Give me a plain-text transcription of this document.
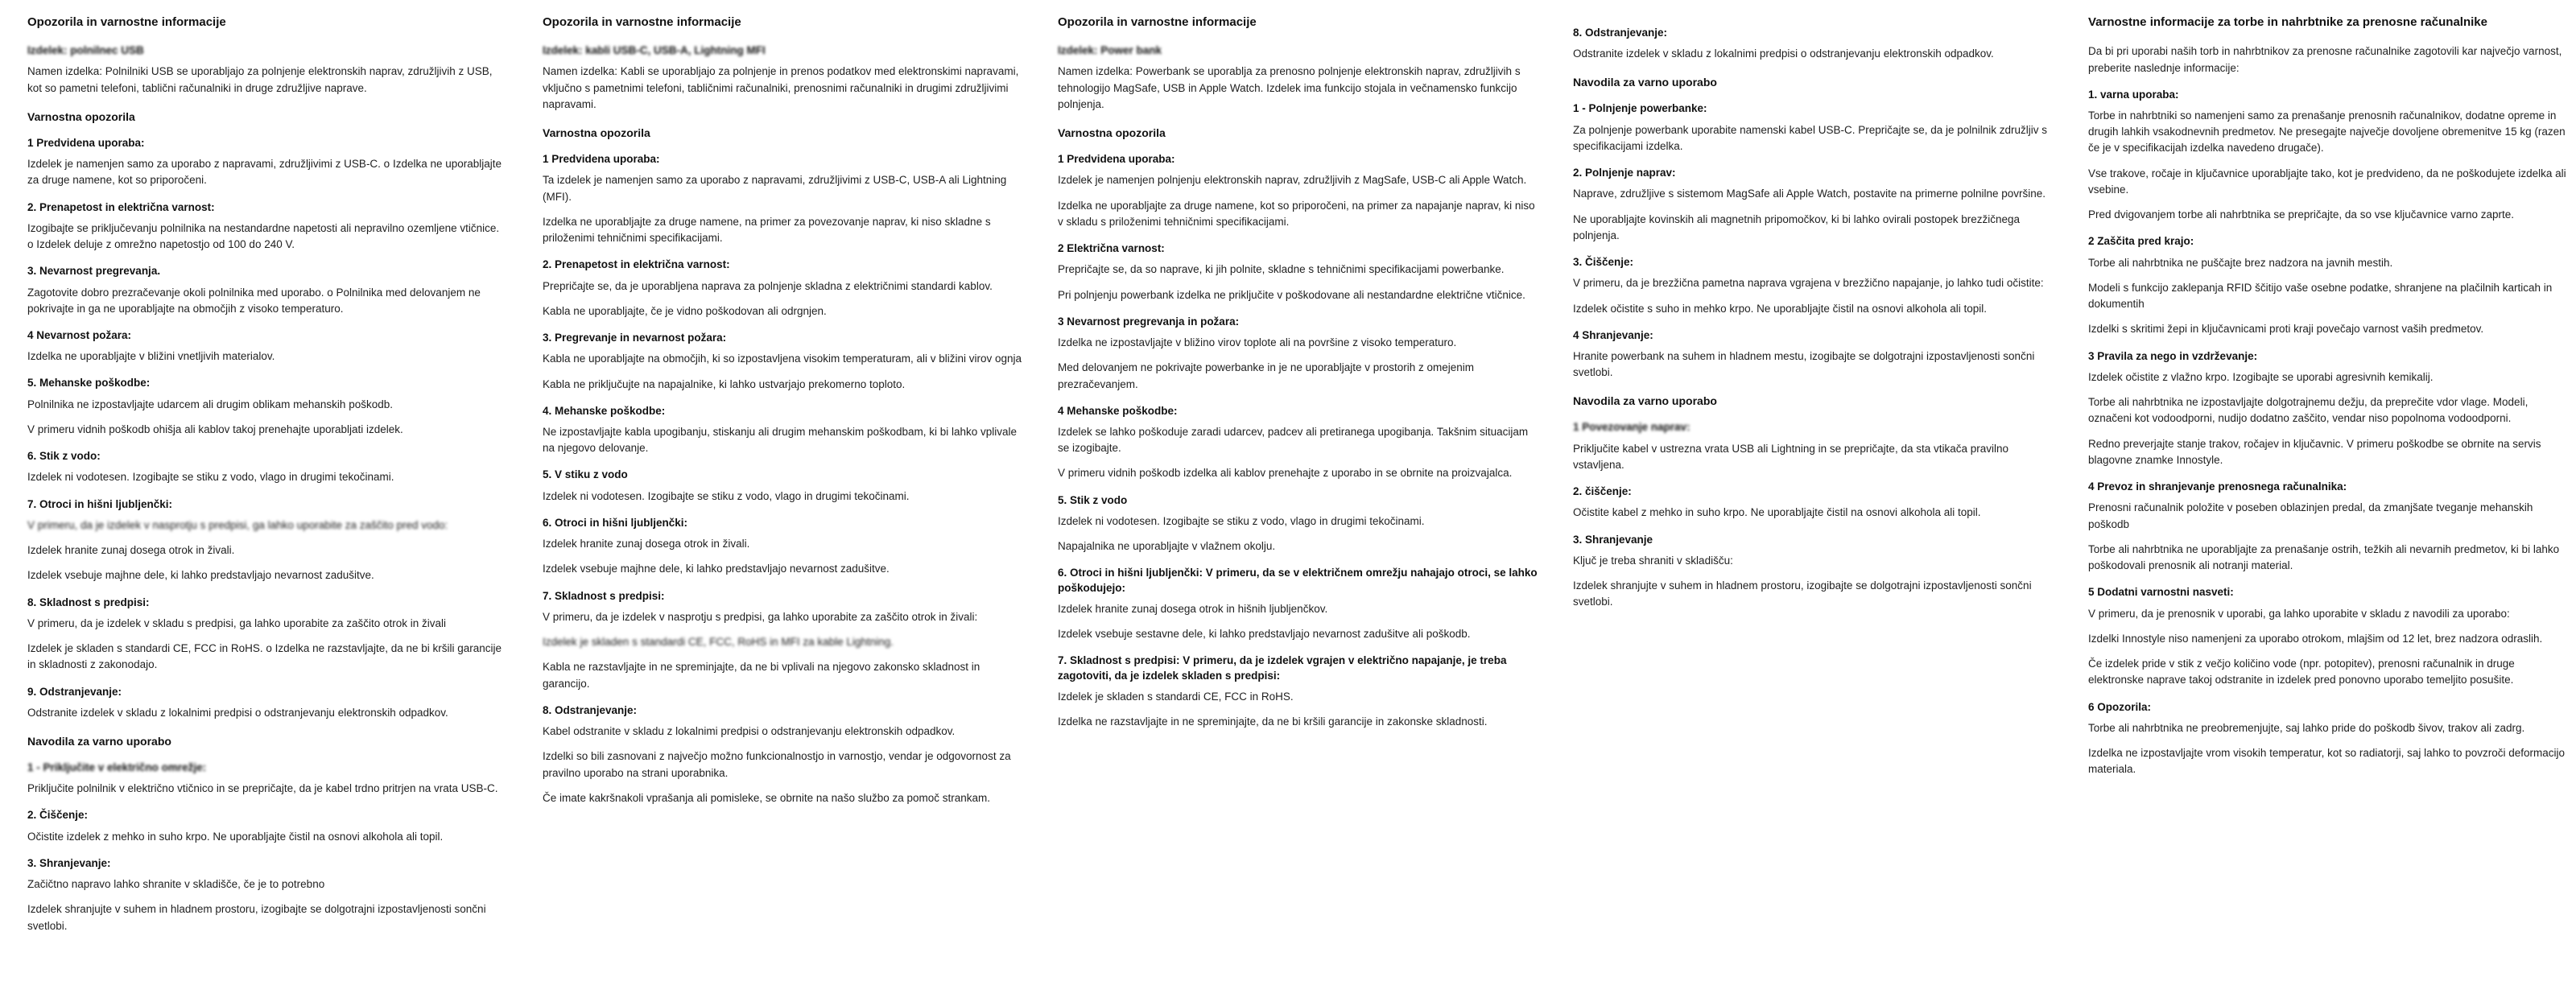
Opozorila in varnostne informacije
Izdelek: polnilnec USB

Namen izdelka: Polnilniki USB se uporabljajo za polnjenje elektronskih naprav, združljivih z USB, kot so pametni telefoni, tablični računalniki in druge združljive naprave.

Varnostna opozorila
1 Predvidena uporaba:

Izdelek je namenjen samo za uporabo z napravami, združljivimi z USB-C. o Izdelka ne uporabljajte za druge namene, kot so priporočeni.

2. Prenapetost in električna varnost:

Izogibajte se priključevanju polnilnika na nestandardne napetosti ali nepravilno ozemljene vtičnice. o Izdelek deluje z omrežno napetostjo od 100 do 240 V.

3. Nevarnost pregrevanja.

Zagotovite dobro prezračevanje okoli polnilnika med uporabo. o Polnilnika med delovanjem ne pokrivajte in ga ne uporabljajte na območjih z visoko temperaturo.

4 Nevarnost požara:

Izdelka ne uporabljajte v bližini vnetljivih materialov.

5. Mehanske poškodbe:

Polnilnika ne izpostavljajte udarcem ali drugim oblikam mehanskih poškodb.

V primeru vidnih poškodb ohišja ali kablov takoj prenehajte uporabljati izdelek.

6. Stik z vodo:

Izdelek ni vodotesen. Izogibajte se stiku z vodo, vlago in drugimi tekočinami.

7. Otroci in hišni ljubljenčki:

V primeru, da je izdelek v nasprotju s predpisi, ga lahko uporabite za zaščito pred vodo:

Izdelek hranite zunaj dosega otrok in živali.

Izdelek vsebuje majhne dele, ki lahko predstavljajo nevarnost zadušitve.

8. Skladnost s predpisi:

V primeru, da je izdelek v skladu s predpisi, ga lahko uporabite za zaščito otrok in živali

Izdelek je skladen s standardi CE, FCC in RoHS. o Izdelka ne razstavljajte, da ne bi kršili garancije in skladnosti z zakonodajo.

9. Odstranjevanje:

Odstranite izdelek v skladu z lokalnimi predpisi o odstranjevanju elektronskih odpadkov.

Navodila za varno uporabo
1 - Priključite v električno omrežje:

Priključite polnilnik v električno vtičnico in se prepričajte, da je kabel trdno pritrjen na vrata USB-C.

2. Čiščenje:

Očistite izdelek z mehko in suho krpo. Ne uporabljajte čistil na osnovi alkohola ali topil.

3. Shranjevanje:

Začičtno napravo lahko shranite v skladišče, če je to potrebno

Izdelek shranjujte v suhem in hladnem prostoru, izogibajte se dolgotrajni izpostavljenosti sončni svetlobi.

Opozorila in varnostne informacije
Izdelek: kabli USB-C, USB-A, Lightning MFI

Namen izdelka: Kabli se uporabljajo za polnjenje in prenos podatkov med elektronskimi napravami, vključno s pametnimi telefoni, tabličnimi računalniki, prenosnimi računalniki in drugimi združljivimi napravami.

Varnostna opozorila
1 Predvidena uporaba:

Ta izdelek je namenjen samo za uporabo z napravami, združljivimi z USB-C, USB-A ali Lightning (MFI).

Izdelka ne uporabljajte za druge namene, na primer za povezovanje naprav, ki niso skladne s priloženimi tehničnimi specifikacijami.

2. Prenapetost in električna varnost:

Prepričajte se, da je uporabljena naprava za polnjenje skladna z električnimi standardi kablov.

Kabla ne uporabljajte, če je vidno poškodovan ali odrgnjen.

3. Pregrevanje in nevarnost požara:

Kabla ne uporabljajte na območjih, ki so izpostavljena visokim temperaturam, ali v bližini virov ognja

Kabla ne priključujte na napajalnike, ki lahko ustvarjajo prekomerno toploto.

4. Mehanske poškodbe:

Ne izpostavljajte kabla upogibanju, stiskanju ali drugim mehanskim poškodbam, ki bi lahko vplivale na njegovo delovanje.

5. V stiku z vodo

Izdelek ni vodotesen. Izogibajte se stiku z vodo, vlago in drugimi tekočinami.

6. Otroci in hišni ljubljenčki:

Izdelek hranite zunaj dosega otrok in živali.

Izdelek vsebuje majhne dele, ki lahko predstavljajo nevarnost zadušitve.

7. Skladnost s predpisi:

V primeru, da je izdelek v nasprotju s predpisi, ga lahko uporabite za zaščito otrok in živali:

Izdelek je skladen s standardi CE, FCC, RoHS in MFI za kable Lightning.

Kabla ne razstavljajte in ne spreminjajte, da ne bi vplivali na njegovo zakonsko skladnost in garancijo.

8. Odstranjevanje:

Kabel odstranite v skladu z lokalnimi predpisi o odstranjevanju elektronskih odpadkov.

Izdelki so bili zasnovani z največjo možno funkcionalnostjo in varnostjo, vendar je odgovornost za pravilno uporabo na strani uporabnika.

Če imate kakršnakoli vprašanja ali pomisleke, se obrnite na našo službo za pomoč strankam.

Opozorila in varnostne informacije
Izdelek: Power bank

Namen izdelka: Powerbank se uporablja za prenosno polnjenje elektronskih naprav, združljivih s tehnologijo MagSafe, USB in Apple Watch. Izdelek ima funkcijo stojala in večnamensko funkcijo polnjenja.

Varnostna opozorila
1 Predvidena uporaba:

Izdelek je namenjen polnjenju elektronskih naprav, združljivih z MagSafe, USB-C ali Apple Watch.

Izdelka ne uporabljajte za druge namene, kot so priporočeni, na primer za napajanje naprav, ki niso v skladu s priloženimi tehničnimi specifikacijami.

2 Električna varnost:

Prepričajte se, da so naprave, ki jih polnite, skladne s tehničnimi specifikacijami powerbanke.

Pri polnjenju powerbank izdelka ne priključite v poškodovane ali nestandardne električne vtičnice.

3 Nevarnost pregrevanja in požara:

Izdelka ne izpostavljajte v bližino virov toplote ali na površine z visoko temperaturo.

Med delovanjem ne pokrivajte powerbanke in je ne uporabljajte v prostorih z omejenim prezračevanjem.

4 Mehanske poškodbe:

Izdelek se lahko poškoduje zaradi udarcev, padcev ali pretiranega upogibanja. Takšnim situacijam se izogibajte.

V primeru vidnih poškodb izdelka ali kablov prenehajte z uporabo in se obrnite na proizvajalca.

5. Stik z vodo

Izdelek ni vodotesen. Izogibajte se stiku z vodo, vlago in drugimi tekočinami.

Napajalnika ne uporabljajte v vlažnem okolju.

6. Otroci in hišni ljubljenčki: V primeru, da se v električnem omrežju nahajajo otroci, se lahko poškodujejo:

Izdelek hranite zunaj dosega otrok in hišnih ljubljenčkov.

Izdelek vsebuje sestavne dele, ki lahko predstavljajo nevarnost zadušitve ali poškodb.

7. Skladnost s predpisi: V primeru, da je izdelek vgrajen v električno napajanje, je treba zagotoviti, da je izdelek skladen s predpisi:

Izdelek je skladen s standardi CE, FCC in RoHS.

Izdelka ne razstavljajte in ne spreminjajte, da ne bi kršili garancije in zakonske skladnosti.

8. Odstranjevanje:

Odstranite izdelek v skladu z lokalnimi predpisi o odstranjevanju elektronskih odpadkov.

Navodila za varno uporabo
1 - Polnjenje powerbanke:

Za polnjenje powerbank uporabite namenski kabel USB-C. Prepričajte se, da je polnilnik združljiv s specifikacijami izdelka.

2. Polnjenje naprav:

Naprave, združljive s sistemom MagSafe ali Apple Watch, postavite na primerne polnilne površine.

Ne uporabljajte kovinskih ali magnetnih pripomočkov, ki bi lahko ovirali postopek brezžičnega polnjenja.

3. Čiščenje:

V primeru, da je brezžična pametna naprava vgrajena v brezžično napajanje, jo lahko tudi očistite:

Izdelek očistite s suho in mehko krpo. Ne uporabljajte čistil na osnovi alkohola ali topil.

4 Shranjevanje:

Hranite powerbank na suhem in hladnem mestu, izogibajte se dolgotrajni izpostavljenosti sončni svetlobi.

Navodila za varno uporabo
1 Povezovanje naprav:

Priključite kabel v ustrezna vrata USB ali Lightning in se prepričajte, da sta vtikača pravilno vstavljena.

2. čiščenje:

Očistite kabel z mehko in suho krpo. Ne uporabljajte čistil na osnovi alkohola ali topil.

3. Shranjevanje

Ključ je treba shraniti v skladišču:

Izdelek shranjujte v suhem in hladnem prostoru, izogibajte se dolgotrajni izpostavljenosti sončni svetlobi.

Varnostne informacije za torbe in nahrbtnike za prenosne računalnike

Da bi pri uporabi naših torb in nahrbtnikov za prenosne računalnike zagotovili kar največjo varnost, preberite naslednje informacije:

1. varna uporaba:

Torbe in nahrbtniki so namenjeni samo za prenašanje prenosnih računalnikov, dodatne opreme in drugih lahkih vsakodnevnih predmetov. Ne presegajte največje dovoljene obremenitve 15 kg (razen če je v specifikacijah izdelka navedeno drugače).

Vse trakove, ročaje in ključavnice uporabljajte tako, kot je predvideno, da ne poškodujete izdelka ali vsebine.

Pred dvigovanjem torbe ali nahrbtnika se prepričajte, da so vse ključavnice varno zaprte.

2 Zaščita pred krajo:

Torbe ali nahrbtnika ne puščajte brez nadzora na javnih mestih.

Modeli s funkcijo zaklepanja RFID ščitijo vaše osebne podatke, shranjene na plačilnih karticah in dokumentih

Izdelki s skritimi žepi in ključavnicami proti kraji povečajo varnost vaših predmetov.

3 Pravila za nego in vzdrževanje:

Izdelek očistite z vlažno krpo. Izogibajte se uporabi agresivnih kemikalij.

Torbe ali nahrbtnika ne izpostavljajte dolgotrajnemu dežju, da preprečite vdor vlage. Modeli, označeni kot vodoodporni, nudijo dodatno zaščito, vendar niso popolnoma vodoodporni.

Redno preverjajte stanje trakov, ročajev in ključavnic. V primeru poškodbe se obrnite na servis blagovne znamke Innostyle.

4 Prevoz in shranjevanje prenosnega računalnika:

Prenosni računalnik položite v poseben oblazinjen predal, da zmanjšate tveganje mehanskih poškodb

Torbe ali nahrbtnika ne uporabljajte za prenašanje ostrih, težkih ali nevarnih predmetov, ki bi lahko poškodovali prenosnik ali notranji material.

5 Dodatni varnostni nasveti:

V primeru, da je prenosnik v uporabi, ga lahko uporabite v skladu z navodili za uporabo:

Izdelki Innostyle niso namenjeni za uporabo otrokom, mlajšim od 12 let, brez nadzora odraslih.

Če izdelek pride v stik z večjo količino vode (npr. potopitev), prenosni računalnik in druge elektronske naprave takoj odstranite in izdelek pred ponovno uporabo temeljito posušite.

6 Opozorila:

Torbe ali nahrbtnika ne preobremenjujte, saj lahko pride do poškodb šivov, trakov ali zadrg.

Izdelka ne izpostavljajte vrom visokih temperatur, kot so radiatorji, saj lahko to povzroči deformacijo materiala.
